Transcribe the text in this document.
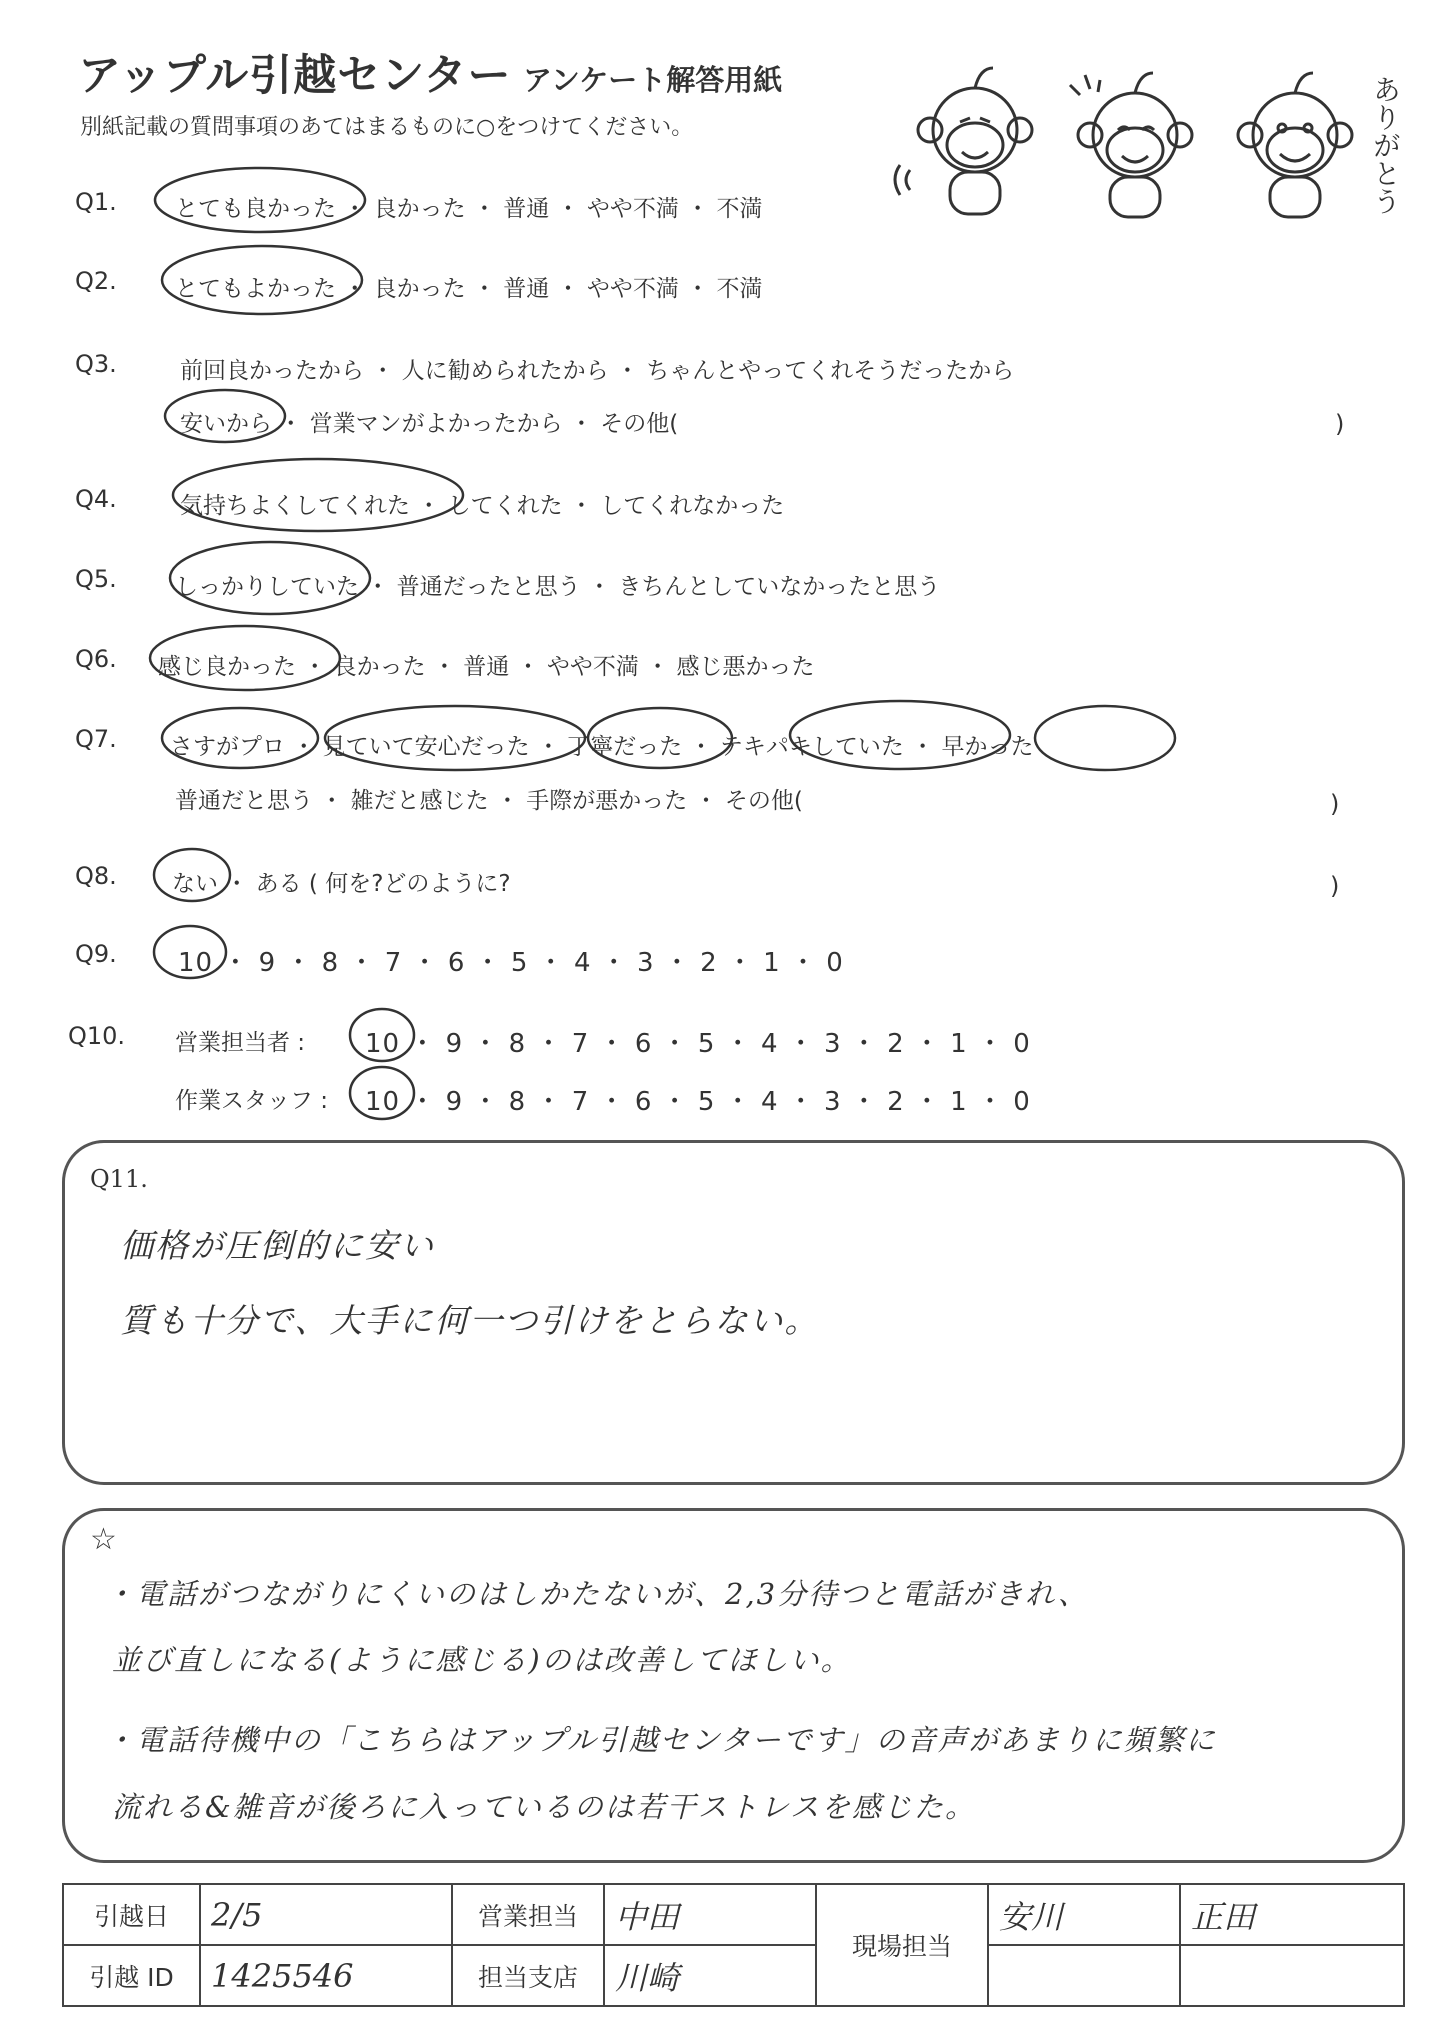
アップル引越センター アンケート解答用紙
別紙記載の質問事項のあてはまるものに○をつけてください。	ありがとう
Q1.	とても良かった ・ 良かった ・ 普通 ・ やや不満 ・ 不満
Q2.	とてもよかった ・ 良かった ・ 普通 ・ やや不満 ・ 不満
Q3.	前回良かったから ・ 人に勧められたから ・ ちゃんとやってくれそうだったから
安いから ・ 営業マンがよかったから ・ その他(	)
Q4.	気持ちよくしてくれた ・ してくれた ・ してくれなかった
Q5.	しっかりしていた ・ 普通だったと思う ・ きちんとしていなかったと思う
Q6. 感じ良かった ・ 良かった ・ 普通 ・ やや不満 ・ 感じ悪かった
Q7. さすがプロ ・ 見ていて安心だった ・ 丁寧だった ・ テキパキしていた ・ 早かった
普通だと思う ・ 雑だと感じた ・ 手際が悪かった ・ その他(	)
Q8. ない ・ ある ( 何を?どのように?	)
Q9. 10 ・ 9 ・ 8 ・ 7 ・ 6 ・ 5 ・ 4 ・ 3 ・ 2 ・ 1 ・ 0
Q10. 営業担当者 : 10 ・ 9 ・ 8 ・ 7 ・ 6 ・ 5 ・ 4 ・ 3 ・ 2 ・ 1 ・ 0
作業スタッフ : 10 ・ 9 ・ 8 ・ 7 ・ 6 ・ 5 ・ 4 ・ 3 ・ 2 ・ 1 ・ 0
Q11.
価格が圧倒的に安い
質も十分で、大手に何一つ引けをとらない。
☆
・電話がつながりにくいのはしかたないが、2,3分待つと電話がきれ、
並び直しになる(ように感じる)のは改善してほしい。
・電話待機中の「こちらはアップル引越センターです」の音声があまりに頻繁に
流れる&雑音が後ろに入っているのは若干ストレスを感じた。
引越日	2/5	営業担当	中田	現場担当	安川	正田
引越 ID	1425546	担当支店	川崎			
